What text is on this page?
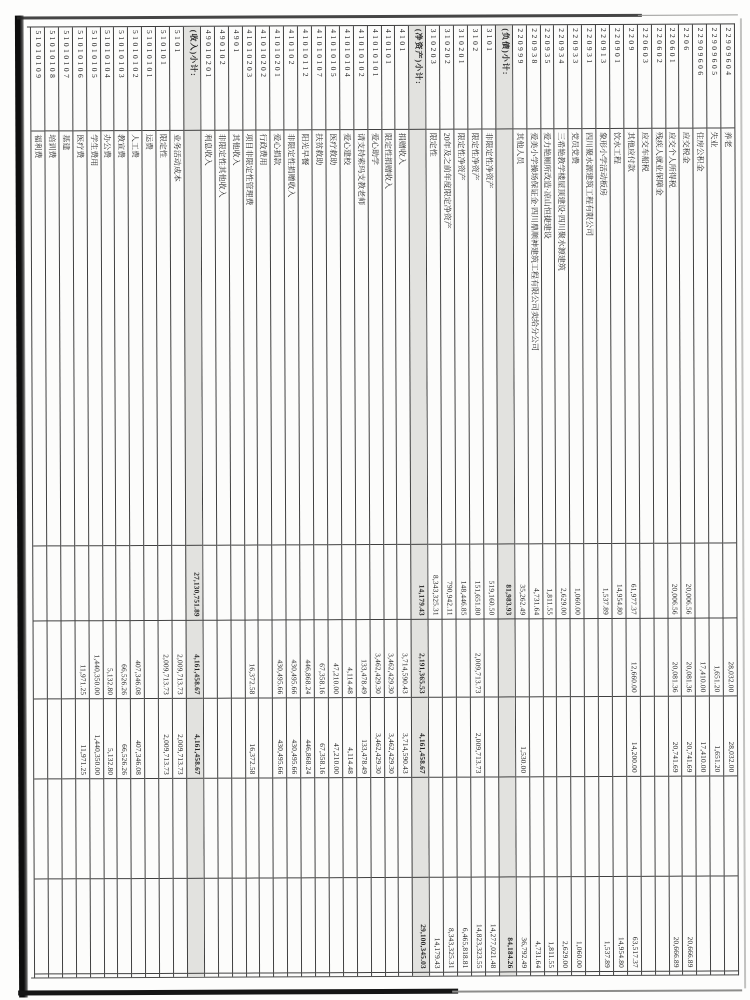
22909604
养老
28,032.00
28,032.00
22909605
失业
1,651.20
1,651.20
22909606
住房公积金
17,410.00
17,410.00
2206
应交税金
20,006.56
20,081.36
20,741.69
20,666.89
220601
应交个人所得税
20,006.56
20,081.36
20,741.69
20,666.89
220602
残疾人就业保障金
220603
应交车船税
2209
其他应付款
61,977.37
12,660.00
14,200.00
63,517.37
220901
饮水工程
14,954.80
14,954.80
220913
象形小学活动板房
1,537.89
1,537.89
220931
四川聚水源建筑工程有限公司
220933
党员党费
1,060.00
1,060.00
220934
三希艳教学楼屋顶建设·四川聚水源建筑
2,629.00
2,629.00
220935
爱力艳厕所改造·凉山恒捷建设
1,811.55
1,811.55
220938
爱美小学操场保证金·四川鼎顺神建筑工程有限公司卖给分公司
4,731.64
4,731.64
220999
其他人员
35,262.49
1,530.00
36,792.49
(负债)小计:
81,983.93
84,184.26
3101
非限定性净资产
519,160.50
14,277,021.48
3102
限定性净资产
151,651.80
2,009,713.73
2,009,713.73
14,823,323.55
310201
限定性净资产
148,446.85
6,465,818.81
310202
20年及之前年度限定净资产
790,942.11
8,343,325.31
310203
限定性
8,343,325.31
14,179.43
(净资产)小计:
14,179.43
2,191,365.53
4,161,458.67
29,100,345.03
4101
捐赠收入
3,714,590.43
3,714,590.43
410101
限定性捐赠收入
3,462,429.30
3,462,429.30
41010101
爱心助学
3,462,429.30
3,462,429.30
41010102
请支持索玛支教老师
133,478.49
133,478.49
41010104
爱心建校
4,114.48
4,114.48
41010105
医疗救助
47,210.00
47,210.00
41010107
扶贫救助
67,358.16
67,358.16
41010112
阳光早餐
446,868.24
446,868.24
410102
非限定性捐赠收入
430,495.66
430,495.66
41010201
爱心捐款
430,495.66
430,495.66
41010202
行政费用
41010203
项目非限定性管理费
16,372.58
16,372.58
4901
其他收入
490102
非限定性其他收入
49010201
利息收入
(收入)小计:
27,130,751.89
4,161,458.67
4,161,458.67
5101
业务活动成本
2,009,713.73
2,009,713.73
510101
限定性
2,009,713.73
2,009,713.73
51010101
运费
51010102
人工费
407,346.08
407,346.08
51010103
教宣费
66,526.26
66,526.26
51010104
办公费
5,132.80
5,132.80
51010105
学生费用
1,440,350.00
1,440,350.00
51010106
医疗费
11,971.25
11,971.25
51010107
基建
51010108
培训费
51010109
福利费
